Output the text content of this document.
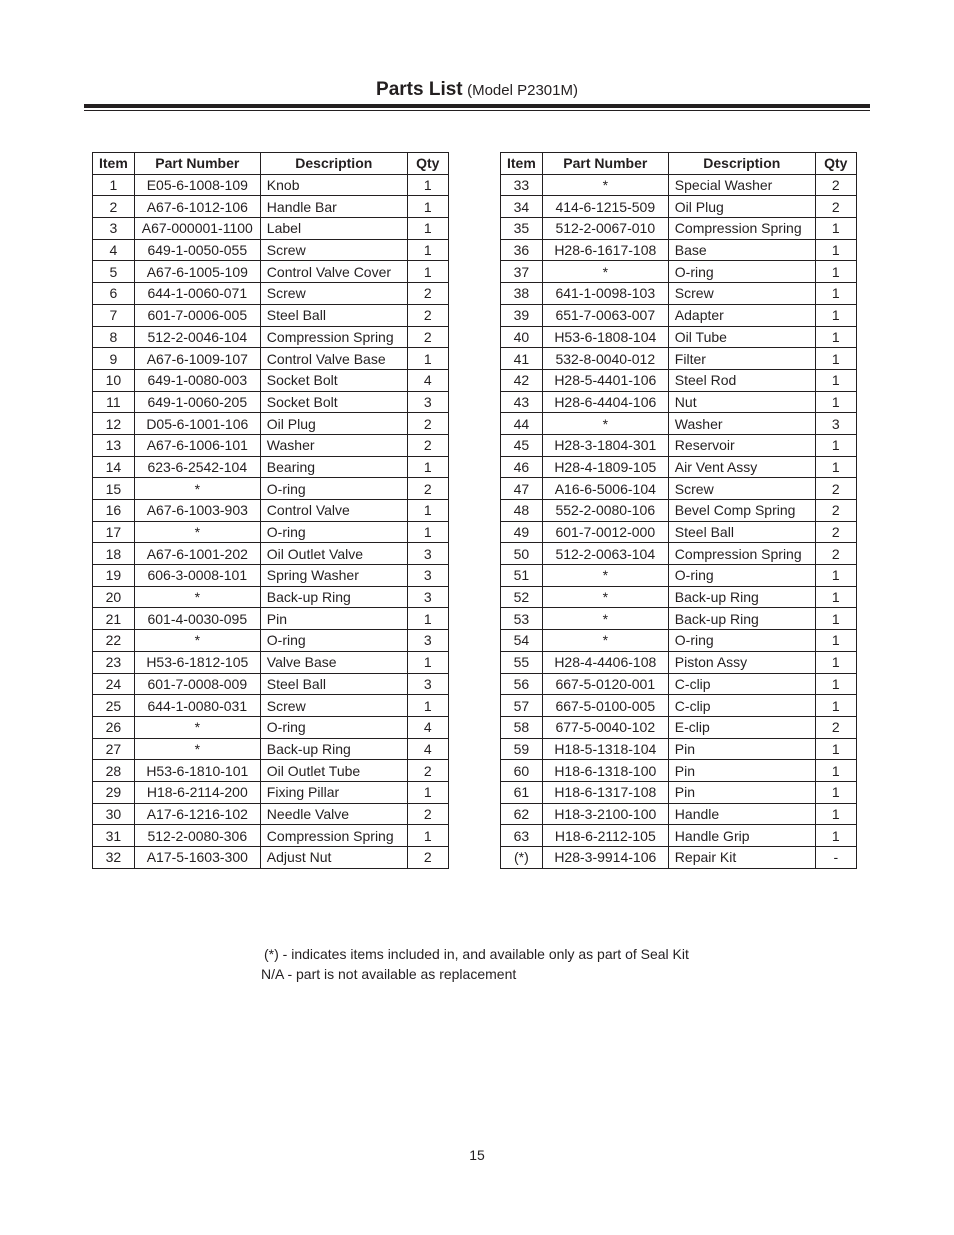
Parts List (Model P2301M)
Item	Part Number	Description	Qty
1	E05-6-1008-109	Knob	1
2	A67-6-1012-106	Handle Bar	1
3	A67-000001-1100	Label	1
4	649-1-0050-055	Screw	1
5	A67-6-1005-109	Control Valve Cover	1
6	644-1-0060-071	Screw	2
7	601-7-0006-005	Steel Ball	2
8	512-2-0046-104	Compression Spring	2
9	A67-6-1009-107	Control Valve Base	1
10	649-1-0080-003	Socket Bolt	4
11	649-1-0060-205	Socket Bolt	3
12	D05-6-1001-106	Oil Plug	2
13	A67-6-1006-101	Washer	2
14	623-6-2542-104	Bearing	1
15	*	O-ring	2
16	A67-6-1003-903	Control Valve	1
17	*	O-ring	1
18	A67-6-1001-202	Oil Outlet Valve	3
19	606-3-0008-101	Spring Washer	3
20	*	Back-up Ring	3
21	601-4-0030-095	Pin	1
22	*	O-ring	3
23	H53-6-1812-105	Valve Base	1
24	601-7-0008-009	Steel Ball	3
25	644-1-0080-031	Screw	1
26	*	O-ring	4
27	*	Back-up Ring	4
28	H53-6-1810-101	Oil Outlet Tube	2
29	H18-6-2114-200	Fixing Pillar	1
30	A17-6-1216-102	Needle Valve	2
31	512-2-0080-306	Compression Spring	1
32	A17-5-1603-300	Adjust Nut	2
Item	Part Number	Description	Qty
33	*	Special Washer	2
34	414-6-1215-509	Oil Plug	2
35	512-2-0067-010	Compression Spring	1
36	H28-6-1617-108	Base	1
37	*	O-ring	1
38	641-1-0098-103	Screw	1
39	651-7-0063-007	Adapter	1
40	H53-6-1808-104	Oil Tube	1
41	532-8-0040-012	Filter	1
42	H28-5-4401-106	Steel Rod	1
43	H28-6-4404-106	Nut	1
44	*	Washer	3
45	H28-3-1804-301	Reservoir	1
46	H28-4-1809-105	Air Vent Assy	1
47	A16-6-5006-104	Screw	2
48	552-2-0080-106	Bevel Comp Spring	2
49	601-7-0012-000	Steel Ball	2
50	512-2-0063-104	Compression Spring	2
51	*	O-ring	1
52	*	Back-up Ring	1
53	*	Back-up Ring	1
54	*	O-ring	1
55	H28-4-4406-108	Piston Assy	1
56	667-5-0120-001	C-clip	1
57	667-5-0100-005	C-clip	1
58	677-5-0040-102	E-clip	2
59	H18-5-1318-104	Pin	1
60	H18-6-1318-100	Pin	1
61	H18-6-1317-108	Pin	1
62	H18-3-2100-100	Handle	1
63	H18-6-2112-105	Handle Grip	1
(*)	H28-3-9914-106	Repair Kit	-
(*) - indicates items included in, and available only as part of Seal Kit
N/A - part is not available as replacement
15
